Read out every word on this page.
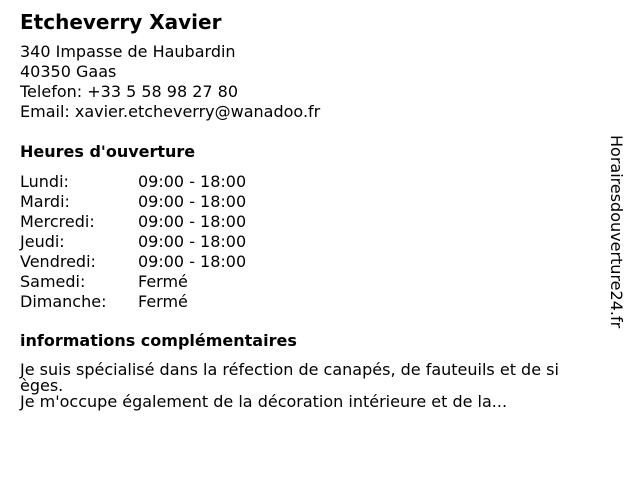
Etcheverry Xavier
340 Impasse de Haubardin
40350 Gaas
Telefon: +33 5 58 98 27 80
Email: xavier.etcheverry@wanadoo.fr
Heures d'ouverture
Lundi:	09:00 - 18:00
Mardi:	09:00 - 18:00
Mercredi:	09:00 - 18:00
Jeudi:	09:00 - 18:00
Vendredi:	09:00 - 18:00
Samedi:	Fermé
Dimanche:	Fermé
informations complémentaires
Je suis spécialisé dans la réfection de canapés, de fauteuils et de si
èges.
Je m'occupe également de la décoration intérieure et de la...
Horairesdouverture24.fr
